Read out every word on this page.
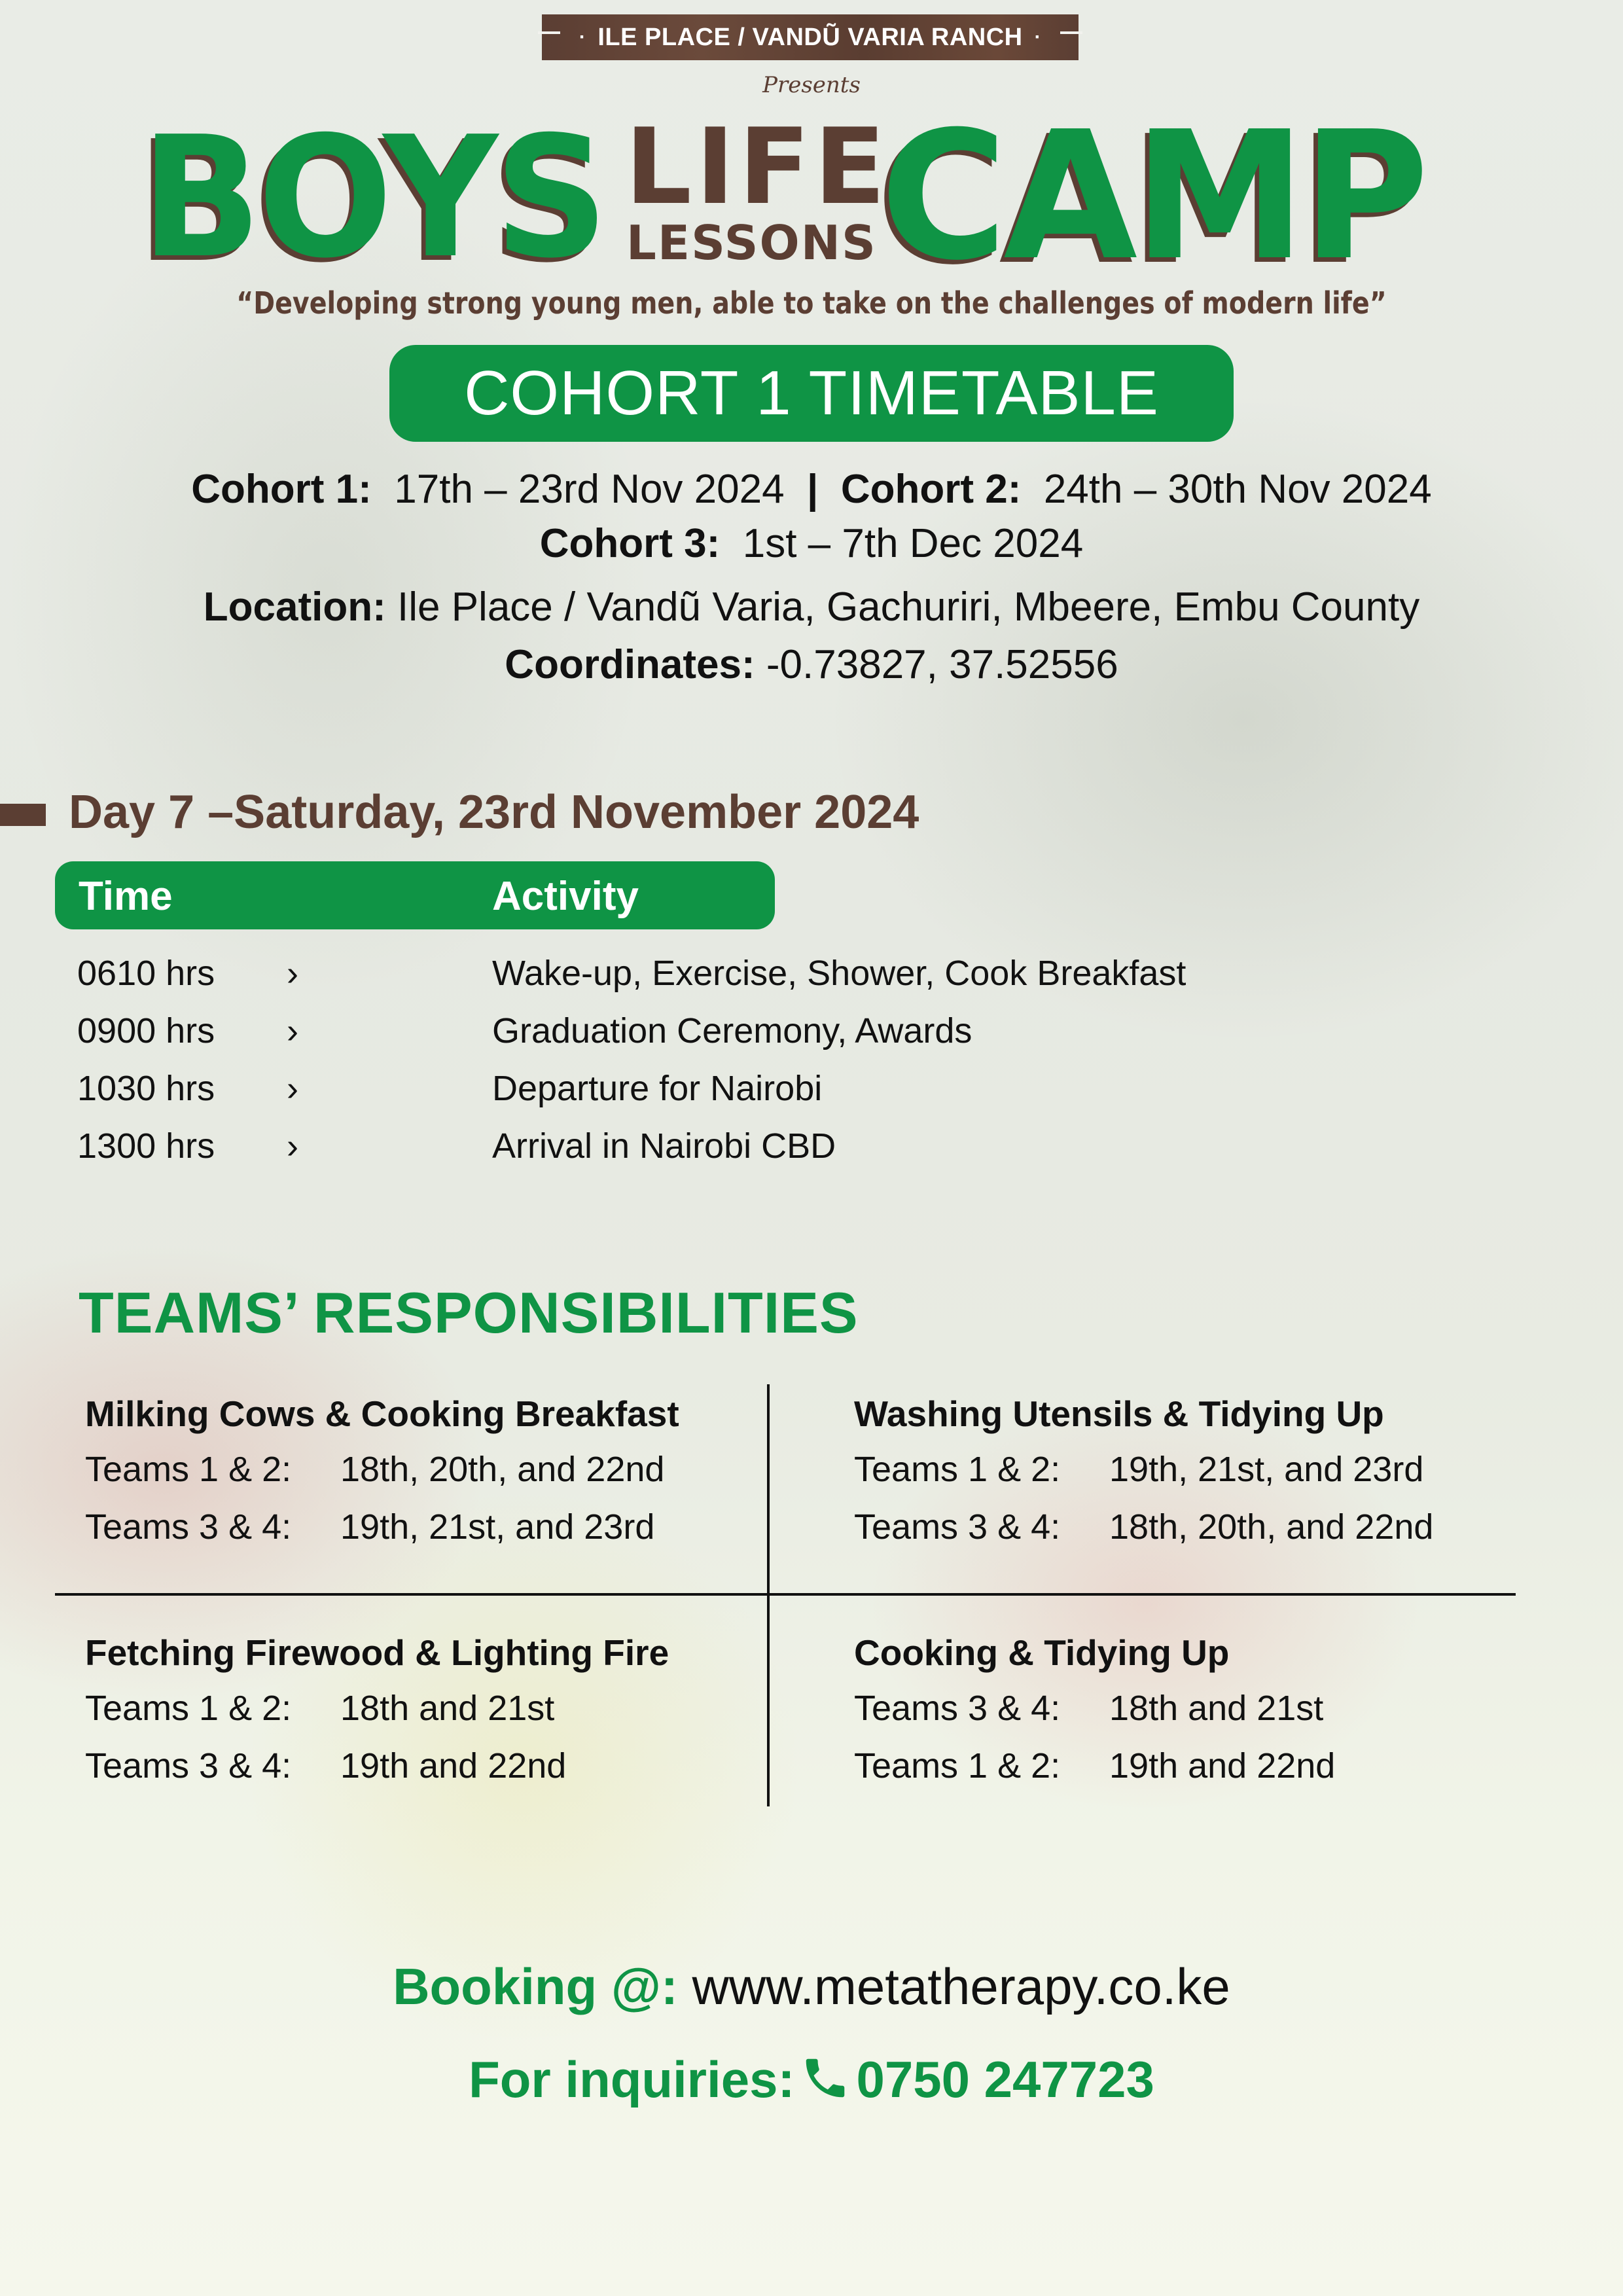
· ILE PLACE / VANDŨ VARIA RANCH ·
Presents
BOYS LIFE
LESSONS CAMP
“Developing strong young men, able to take on the challenges of modern life”
COHORT 1 TIMETABLE
Cohort 1: 17th – 23rd Nov 2024 | Cohort 2: 24th – 30th Nov 2024
Cohort 3: 1st – 7th Dec 2024
Location: Ile Place / Vandũ Varia, Gachuriri, Mbeere, Embu County
Coordinates: -0.73827, 37.52556
Day 7 –Saturday, 23rd November 2024
Time	Activity
0610 hrs ›	Wake-up, Exercise, Shower, Cook Breakfast
0900 hrs ›	Graduation Ceremony, Awards
1030 hrs ›	Departure for Nairobi
1300 hrs ›	Arrival in Nairobi CBD
TEAMS’ RESPONSIBILITIES
Milking Cows & Cooking Breakfast
Teams 1 & 2: 18th, 20th, and 22nd
Teams 3 & 4: 19th, 21st, and 23rd
Washing Utensils & Tidying Up
Teams 1 & 2: 19th, 21st, and 23rd
Teams 3 & 4: 18th, 20th, and 22nd
Fetching Firewood & Lighting Fire
Teams 1 & 2: 18th and 21st
Teams 3 & 4: 19th and 22nd
Cooking & Tidying Up
Teams 3 & 4: 18th and 21st
Teams 1 & 2: 19th and 22nd
Booking @: www.metatherapy.co.ke
For inquiries: 0750 247723
